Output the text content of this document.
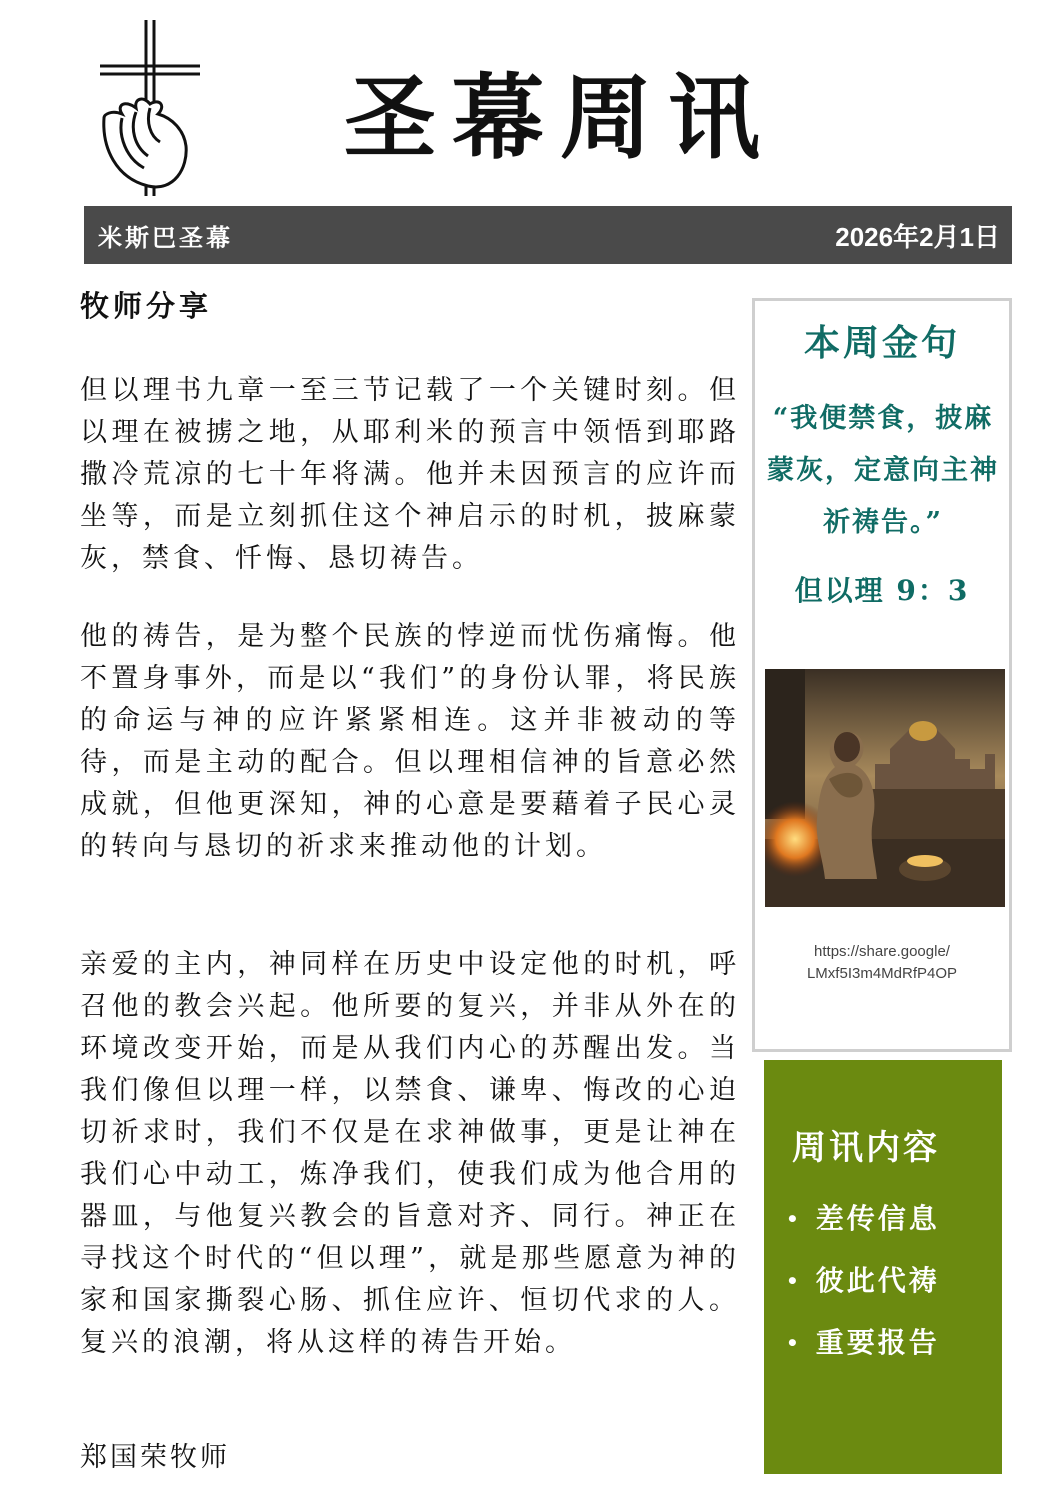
圣幕周讯
米斯巴圣幕	2026年2月1日
牧师分享

但以理书九章一至三节记载了一个关键时刻。但以理在被掳之地，从耶利米的预言中领悟到耶路撒冷荒凉的七十年将满。他并未因预言的应许而坐等，而是立刻抓住这个神启示的时机，披麻蒙灰，禁食、忏悔、恳切祷告。

他的祷告，是为整个民族的悖逆而忧伤痛悔。他不置身事外，而是以“我们”的身份认罪，将民族的命运与神的应许紧紧相连。这并非被动的等待，而是主动的配合。但以理相信神的旨意必然成就，但他更深知，神的心意是要藉着子民心灵的转向与恳切的祈求来推动他的计划。

亲爱的主内，神同样在历史中设定他的时机，呼召他的教会兴起。他所要的复兴，并非从外在的环境改变开始，而是从我们内心的苏醒出发。当我们像但以理一样，以禁食、谦卑、悔改的心迫切祈求时，我们不仅是在求神做事，更是让神在我们心中动工，炼净我们，使我们成为他合用的器皿，与他复兴教会的旨意对齐、同行。神正在寻找这个时代的“但以理”，就是那些愿意为神的家和国家撕裂心肠、抓住应许、恒切代求的人。复兴的浪潮，将从这样的祷告开始。

郑国荣牧师
本周金句
“我便禁食，披麻蒙灰，定意向主神祈祷告。”
但以理 9：3
https://share.google/
LMxf5I3m4MdRfP4OP
周讯内容
• 差传信息
• 彼此代祷
• 重要报告
